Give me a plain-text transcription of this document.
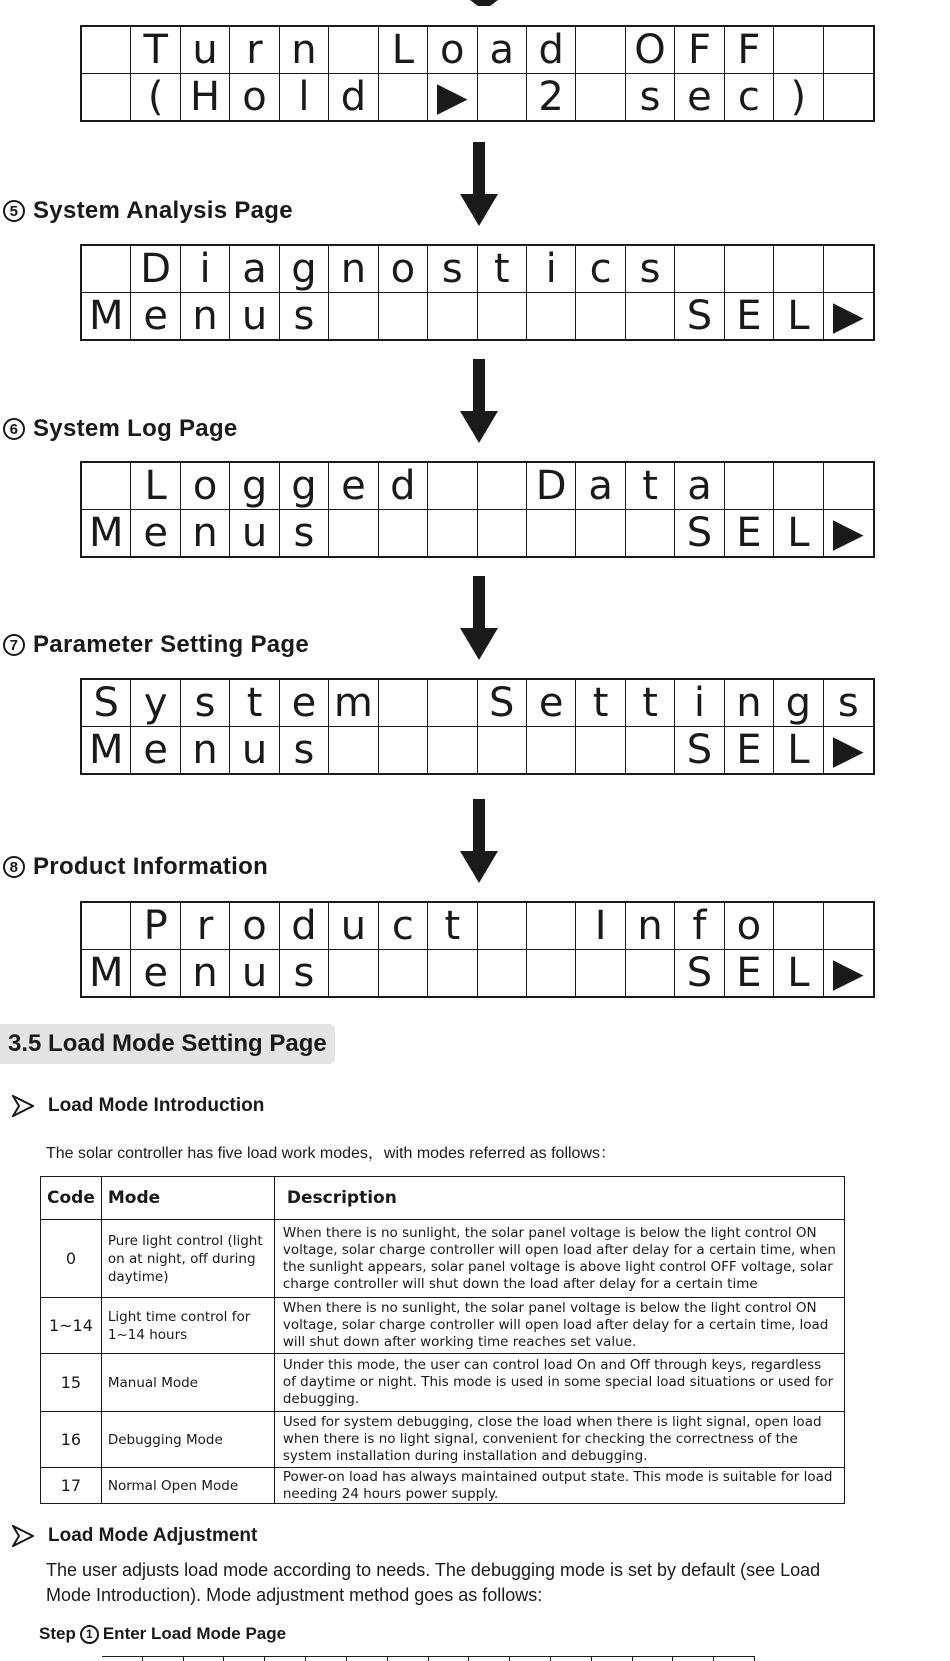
T u r n	L o a d	O F F
( H o l d	▶ 2	s e c )
5 System Analysis Page
D i a g n o s t i c s
M e n u s	S E L ▶
6 System Log Page
L o g g e d	D a t a
M e n u s	S E L ▶
7 Parameter Setting Page
S y s t e m	S e t t i n g s
M e n u s	S E L ▶
8 Product Information
P r o d u c t	I n f o
M e n u s	S E L ▶
3.5 Load Mode Setting Page
Load Mode Introduction
The solar controller has five load work modes，with modes referred as follows：
Code	Mode	Description
0	Pure light control (light on at night, off during daytime)	When there is no sunlight, the solar panel voltage is below the light control ON voltage, solar charge controller will open load after delay for a certain time, when the sunlight appears, solar panel voltage is above light control OFF voltage, solar charge controller will shut down the load after delay for a certain time
1~14	Light time control for 1~14 hours	When there is no sunlight, the solar panel voltage is below the light control ON voltage, solar charge controller will open load after delay for a certain time, load will shut down after working time reaches set value.
15	Manual Mode	Under this mode, the user can control load On and Off through keys, regardless of daytime or night. This mode is used in some special load situations or used for debugging.
16	Debugging Mode	Used for system debugging, close the load when there is light signal, open load when there is no light signal, convenient for checking the correctness of the system installation during installation and debugging.
17	Normal Open Mode	Power-on load has always maintained output state. This mode is suitable for load needing 24 hours power supply.
Load Mode Adjustment
The user adjusts load mode according to needs. The debugging mode is set by default (see Load Mode Introduction). Mode adjustment method goes as follows:
Step 1 Enter Load Mode Page
